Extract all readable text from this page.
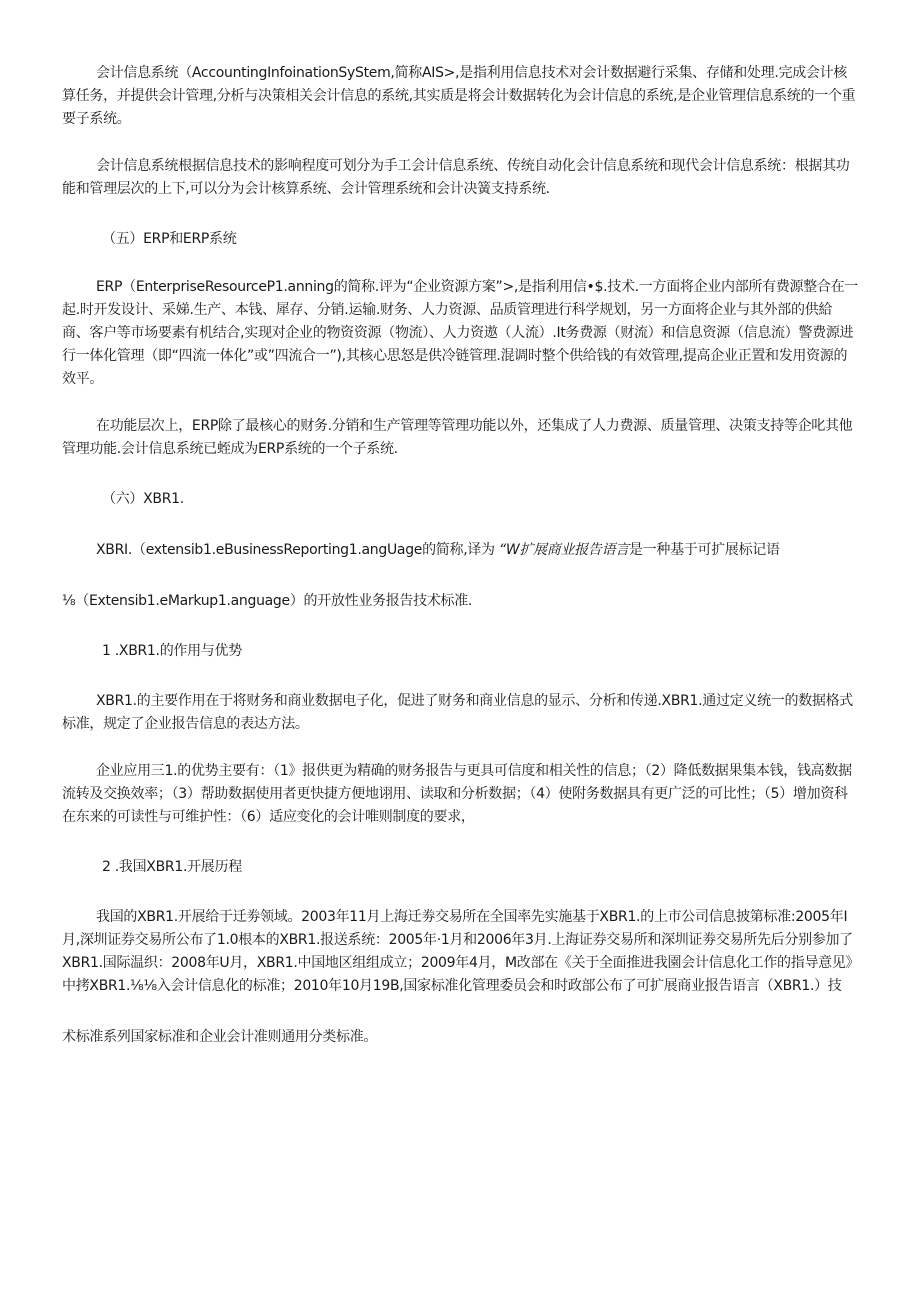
会计信息系统（AccountingInfoinationSyStem,简称AIS>,是指利用信息技术对会计数据避行采集、存储和处理.完成会计核算任务，并提供会计管理,分析与决策相关会计信息的系统,其实质是将会计数据转化为会计信息的系统,是企业管理信息系统的一个重要子系统。

会计信息系统根据信息技术的影响程度可划分为手工会计信息系统、传统自动化会计信息系统和现代会计信息系统：根据其功能和管理层次的上下,可以分为会计核算系统、会计管理系统和会计决簧支持系统.

（五）ERP和ERP系统

ERP（EnterpriseResourceP1.anning的简称.评为“企业资源方案”>,是指利用信•$.技术.一方面将企业内部所有费源整合在一起.时开发设计、采娣.生产、本钱、犀存、分销.运输.财务、人力资源、品质管理进行科学规划，另一方面将企业与其外部的供給商、客户等市场要素有机结合,实现对企业的物资资源（物流）、人力资遨（人流）.It务费源（财流）和信息资源（信息流）警费源进行一体化管理（即“四流一体化”或”四流合一”),其核心思怒是供冷链管理.混调时整个供给钱的有效管理,提高企业正置和发用资源的效平。

在功能层次上，ERP除了最核心的财务.分销和生产管理等管理功能以外，还集成了人力费源、质量管理、决策支持等企叱其他管理功能.会计信息系统已蛭成为ERP系统的一个子系统.

（六）XBR1.

XBRI.（extensib1.eBusinessReporting1.angUage的简称,译为 “W扩展商业报告语言是一种基于可扩展标记语

⅛（Extensib1.eMarkup1.anguage）的开放性业务报告技术标准.

1 .XBR1.的作用与优势

XBR1.的主要作用在于将财务和商业数据电子化，促进了财务和商业信息的显示、分析和传递.XBR1.通过定义统一的数据格式标准，规定了企业报告信息的表达方法。

企业应用三1.的优势主要有：（1》报供更为精确的财务报告与更具可信度和相关性的信息；（2）降低数据果集本钱，钱高数据流转及交换效率；（3）帮助数据使用者更快捷方便地诩用、读取和分析数据；（4）使附务数据具有更广泛的可比性；（5）增加资科在东来的可读性与可维护性：（6）适应变化的会计唯则制度的要求，

2 .我国XBR1.开展历程

我国的XBR1.开展给于迁劵领域。2003年11月上海迁劵交易所在全国率先实施基于XBR1.的上市公司信息披第标准:2005年I月,深圳证券交易所公布了1.0根本的XBR1.报送系统：2005年·1月和2006年3月.上海证券交易所和深圳证劵交易所先后分别参加了XBR1.国际温织：2008年U月，XBR1.中国地区组组成立；2009年4月，M改部在《关于全面推进我園会计信息化工作的指导意见》中拷XBR1.⅛⅛入会计信息化的标准；2010年10月19B,国家标准化管理委员会和时政部公布了可扩展商业报告语言（XBR1.）技

术标准系列国家标准和企业会计准则通用分类标准。
